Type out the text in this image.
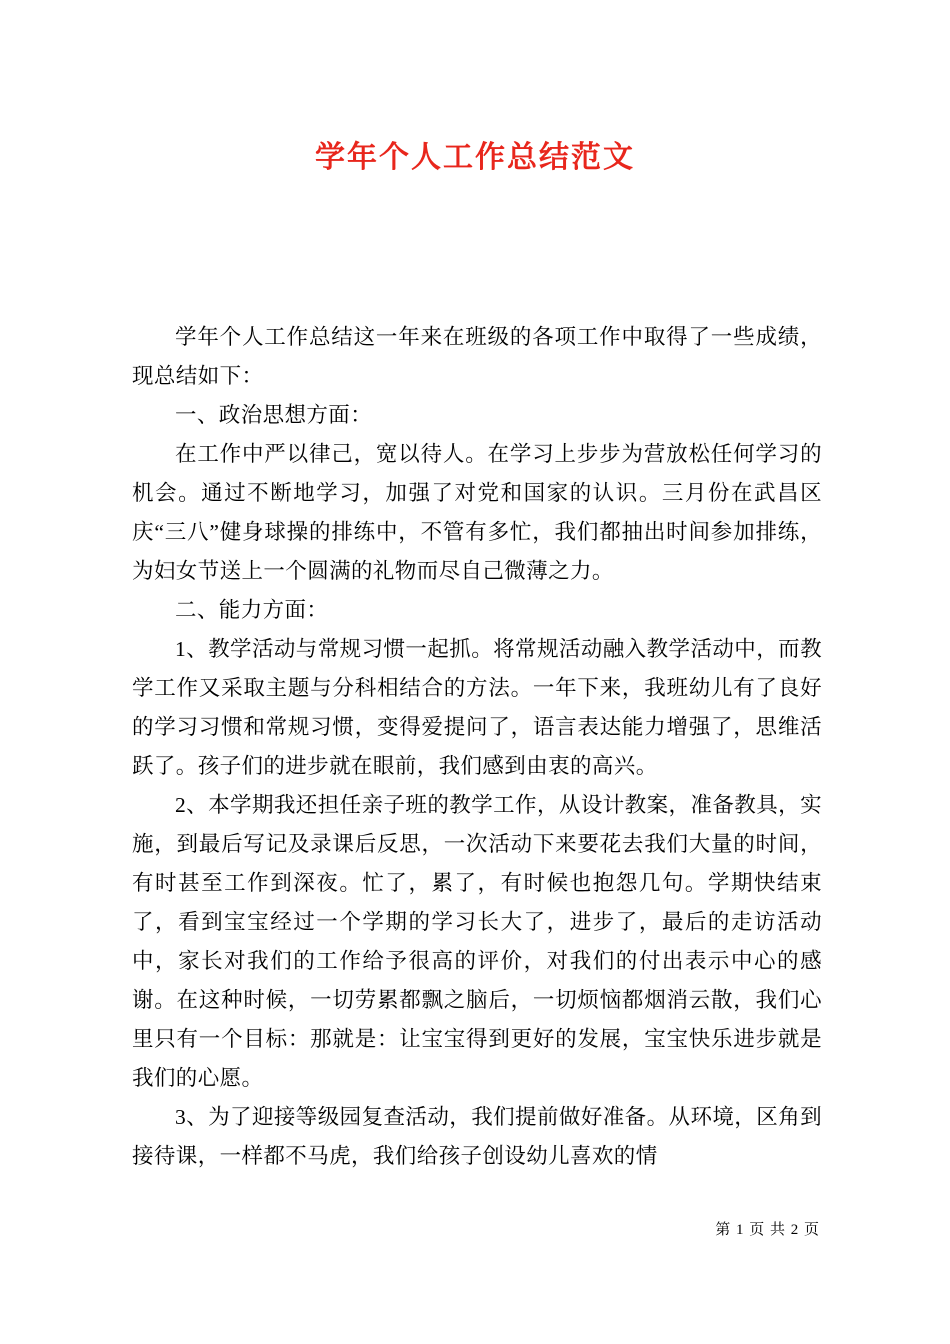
学年个人工作总结范文

学年个人工作总结这一年来在班级的各项工作中取得了一些成绩，现总结如下：

一、政治思想方面：

在工作中严以律己，宽以待人。在学习上步步为营放松任何学习的机会。通过不断地学习，加强了对党和国家的认识。三月份在武昌区庆“三八”健身球操的排练中，不管有多忙，我们都抽出时间参加排练，为妇女节送上一个圆满的礼物而尽自己微薄之力。

二、能力方面：

1、教学活动与常规习惯一起抓。将常规活动融入教学活动中，而教学工作又采取主题与分科相结合的方法。一年下来，我班幼儿有了良好的学习习惯和常规习惯，变得爱提问了，语言表达能力增强了，思维活跃了。孩子们的进步就在眼前，我们感到由衷的高兴。

2、本学期我还担任亲子班的教学工作，从设计教案，准备教具，实施，到最后写记及录课后反思，一次活动下来要花去我们大量的时间，有时甚至工作到深夜。忙了，累了，有时候也抱怨几句。学期快结束了，看到宝宝经过一个学期的学习长大了，进步了，最后的走访活动中，家长对我们的工作给予很高的评价，对我们的付出表示中心的感谢。在这种时候，一切劳累都飘之脑后，一切烦恼都烟消云散，我们心里只有一个目标：那就是：让宝宝得到更好的发展，宝宝快乐进步就是我们的心愿。

3、为了迎接等级园复查活动，我们提前做好准备。从环境，区角到接待课，一样都不马虎，我们给孩子创设幼儿喜欢的情

第 1 页 共 2 页
